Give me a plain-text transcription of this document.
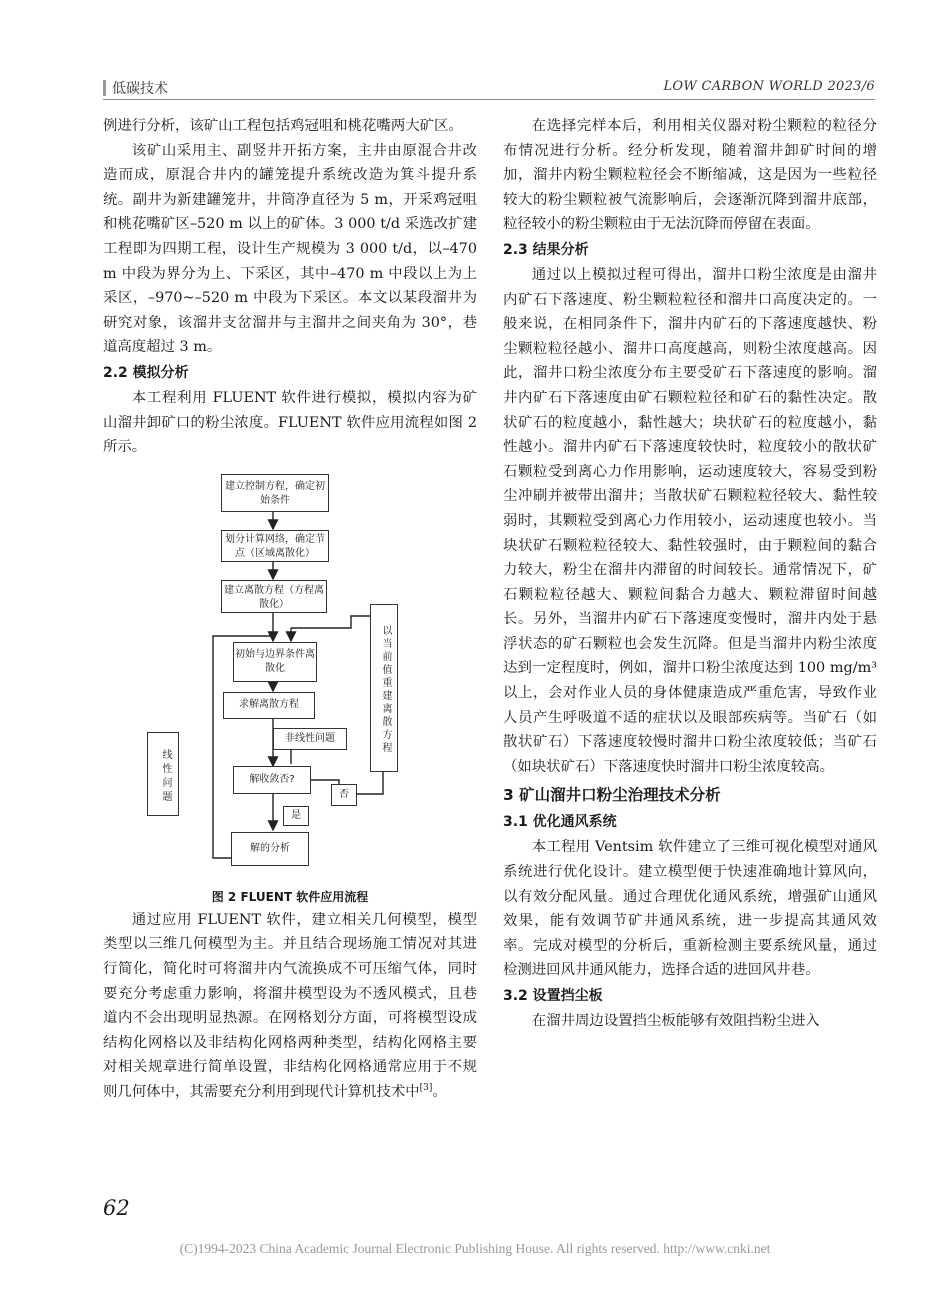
低碳技术	LOW CARBON WORLD 2023/6

例进行分析，该矿山工程包括鸡冠咀和桃花嘴两大矿区。

该矿山采用主、副竖井开拓方案，主井由原混合井改造而成，原混合井内的罐笼提升系统改造为箕斗提升系统。副井为新建罐笼井，井筒净直径为 5 m，开采鸡冠咀和桃花嘴矿区–520 m 以上的矿体。3 000 t/d 采选改扩建工程即为四期工程，设计生产规模为 3 000 t/d，以–470 m 中段为界分为上、下采区，其中–470 m 中段以上为上采区，–970~–520 m 中段为下采区。本文以某段溜井为研究对象，该溜井支岔溜井与主溜井之间夹角为 30°，巷道高度超过 3 m。

2.2 模拟分析

本工程利用 FLUENT 软件进行模拟，模拟内容为矿山溜井卸矿口的粉尘浓度。FLUENT 软件应用流程如图 2 所示。

建立控制方程，确定初始条件
划分计算网络，确定节点（区域离散化）
建立离散方程（方程离散化）
初始与边界条件离散化
求解离散方程
非线性问题
解收敛否?
否
是
解的分析
线性问题
以当前值重建离散方程
图 2 FLUENT 软件应用流程

通过应用 FLUENT 软件，建立相关几何模型，模型类型以三维几何模型为主。并且结合现场施工情况对其进行简化，简化时可将溜井内气流换成不可压缩气体，同时要充分考虑重力影响，将溜井模型设为不透风模式，且巷道内不会出现明显热源。在网格划分方面，可将模型设成结构化网格以及非结构化网格两种类型，结构化网格主要对相关规章进行简单设置，非结构化网格通常应用于不规则几何体中，其需要充分利用到现代计算机技术中[3]。

在选择完样本后，利用相关仪器对粉尘颗粒的粒径分布情况进行分析。经分析发现，随着溜井卸矿时间的增加，溜井内粉尘颗粒粒径会不断缩减，这是因为一些粒径较大的粉尘颗粒被气流影响后，会逐渐沉降到溜井底部，粒径较小的粉尘颗粒由于无法沉降而停留在表面。

2.3 结果分析

通过以上模拟过程可得出，溜井口粉尘浓度是由溜井内矿石下落速度、粉尘颗粒粒径和溜井口高度决定的。一般来说，在相同条件下，溜井内矿石的下落速度越快、粉尘颗粒粒径越小、溜井口高度越高，则粉尘浓度越高。因此，溜井口粉尘浓度分布主要受矿石下落速度的影响。溜井内矿石下落速度由矿石颗粒粒径和矿石的黏性决定。散状矿石的粒度越小，黏性越大；块状矿石的粒度越小，黏性越小。溜井内矿石下落速度较快时，粒度较小的散状矿石颗粒受到离心力作用影响，运动速度较大，容易受到粉尘冲刷并被带出溜井；当散状矿石颗粒粒径较大、黏性较弱时，其颗粒受到离心力作用较小，运动速度也较小。当块状矿石颗粒粒径较大、黏性较强时，由于颗粒间的黏合力较大，粉尘在溜井内滞留的时间较长。通常情况下，矿石颗粒粒径越大、颗粒间黏合力越大、颗粒滞留时间越长。另外，当溜井内矿石下落速度变慢时，溜井内处于悬浮状态的矿石颗粒也会发生沉降。但是当溜井内粉尘浓度达到一定程度时，例如，溜井口粉尘浓度达到 100 mg/m³ 以上，会对作业人员的身体健康造成严重危害，导致作业人员产生呼吸道不适的症状以及眼部疾病等。当矿石（如散状矿石）下落速度较慢时溜井口粉尘浓度较低；当矿石（如块状矿石）下落速度快时溜井口粉尘浓度较高。

3 矿山溜井口粉尘治理技术分析
3.1 优化通风系统

本工程用 Ventsim 软件建立了三维可视化模型对通风系统进行优化设计。建立模型便于快速准确地计算风向，以有效分配风量。通过合理优化通风系统，增强矿山通风效果，能有效调节矿井通风系统，进一步提高其通风效率。完成对模型的分析后，重新检测主要系统风量，通过检测进回风井通风能力，选择合适的进回风井巷。

3.2 设置挡尘板

在溜井周边设置挡尘板能够有效阻挡粉尘进入

62
(C)1994-2023 China Academic Journal Electronic Publishing House. All rights reserved. http://www.cnki.net
